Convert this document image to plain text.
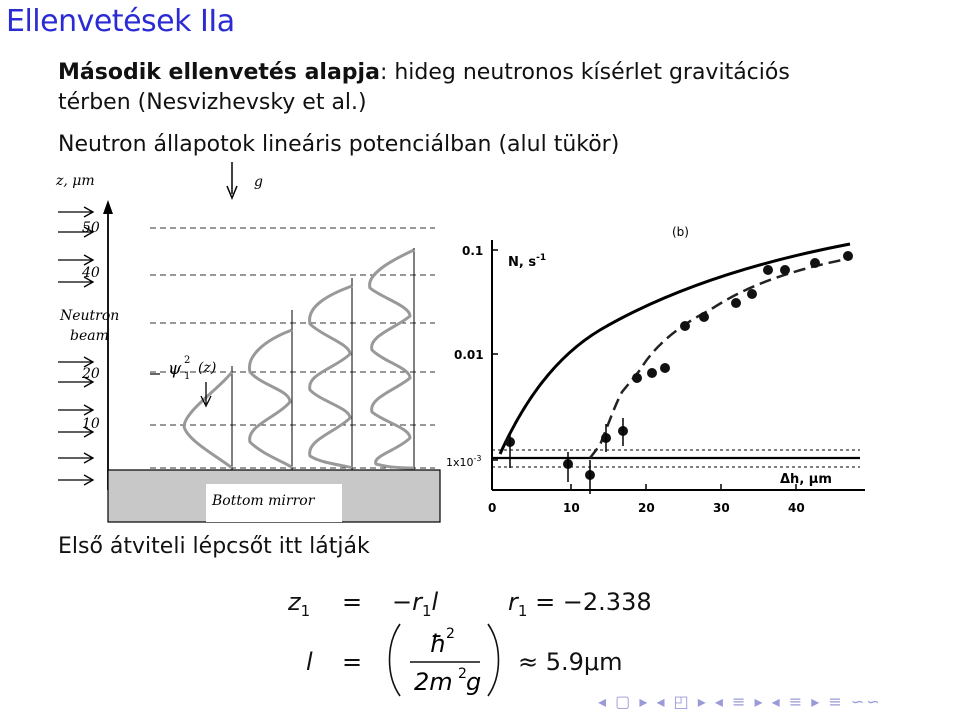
Ellenvetések IIa
Második ellenvetés alapja: hideg neutronos kísérlet gravitációs
térben (Nesvizhevsky et al.)
Neutron állapotok lineáris potenciálban (alul tükör)
z, μm	g
50
40
20
10
Neutron
beam
ψ 2
1
(z)
Bottom mirror
(b)
N, $s^{-1}$
Δh, μm
0.1
0.01
$1x10^{-3}$
0	10	20	30	40
Első átviteli lépcsőt itt látják
$z_1 = -r_1l$	$r_1 = -2.338$
l =
ħ 2
2m 2 g
≈ 5.9μm
◂ ▢ ▸ ◂ ◰ ▸ ◂ ≡ ▸ ◂ ≡ ▸ ≡ ∽∽
